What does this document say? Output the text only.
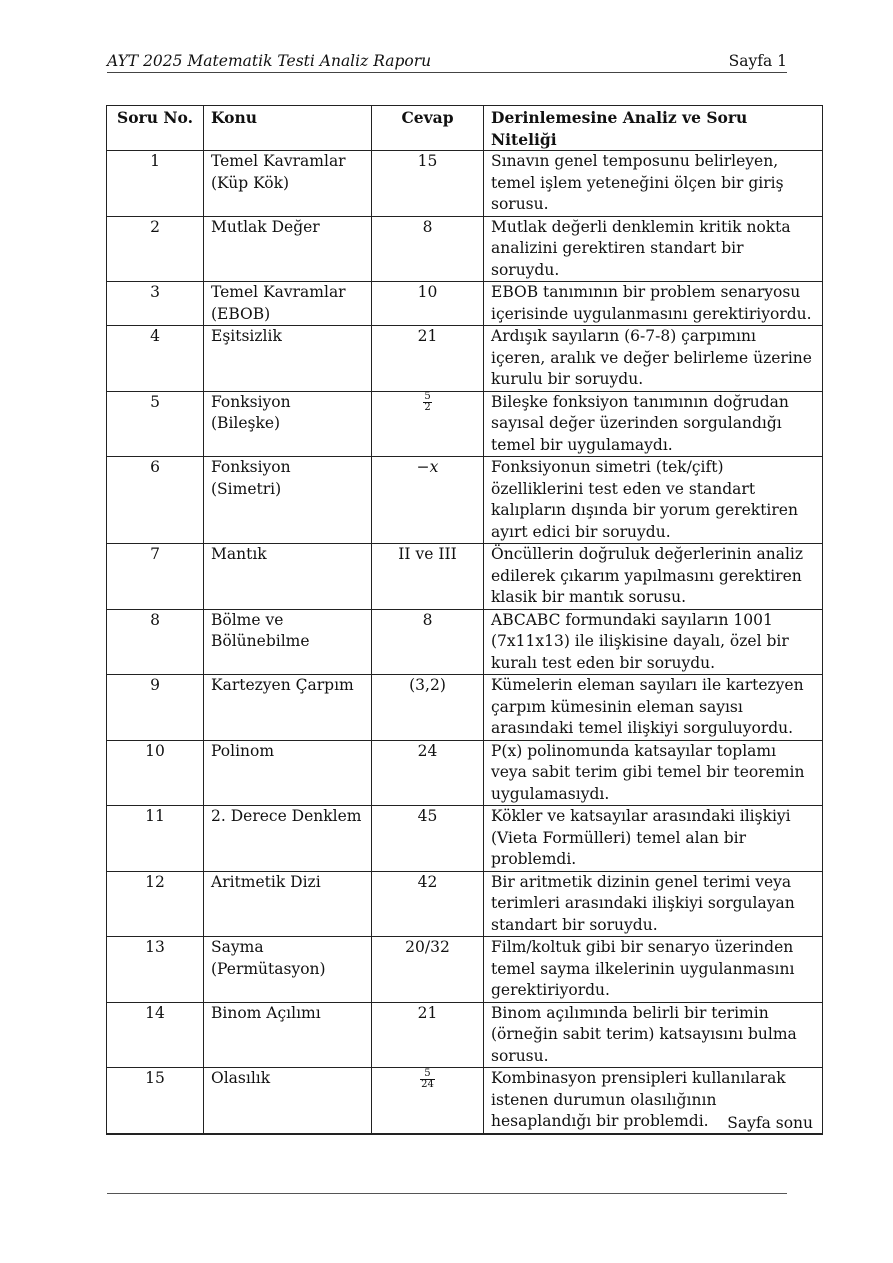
AYT 2025 Matematik Testi Analiz Raporu	Sayfa 1
Soru No.	Konu	Cevap	Derinlemesine Analiz ve Soru Niteliği
1	Temel Kavramlar (Küp Kök)	15	Sınavın genel temposunu belirleyen, temel işlem yeteneğini ölçen bir giriş sorusu.
2	Mutlak Değer	8	Mutlak değerli denklemin kritik nokta analizini gerektiren standart bir soruydu.
3	Temel Kavramlar (EBOB)	10	EBOB tanımının bir problem senaryosu içerisinde uygulanmasını gerektiriyordu.
4	Eşitsizlik	21	Ardışık sayıların (6-7-8) çarpımını içeren, aralık ve değer belirleme üzerine kurulu bir soruydu.
5	Fonksiyon (Bileşke)	$\frac{5}{2}$	Bileşke fonksiyon tanımının doğrudan sayısal değer üzerinden sorgulandığı temel bir uygulamaydı.
6	Fonksiyon (Simetri)	−x	Fonksiyonun simetri (tek/çift) özelliklerini test eden ve standart kalıpların dışında bir yorum gerektiren ayırt edici bir soruydu.
7	Mantık	II ve III	Öncüllerin doğruluk değerlerinin analiz edilerek çıkarım yapılmasını gerektiren klasik bir mantık sorusu.
8	Bölme ve Bölünebilme	8	ABCABC formundaki sayıların 1001 (7x11x13) ile ilişkisine dayalı, özel bir kuralı test eden bir soruydu.
9	Kartezyen Çarpım	(3,2)	Kümelerin eleman sayıları ile kartezyen çarpım kümesinin eleman sayısı arasındaki temel ilişkiyi sorguluyordu.
10	Polinom	24	P(x) polinomunda katsayılar toplamı veya sabit terim gibi temel bir teoremin uygulamasıydı.
11	2. Derece Denklem	45	Kökler ve katsayılar arasındaki ilişkiyi (Vieta Formülleri) temel alan bir problemdi.
12	Aritmetik Dizi	42	Bir aritmetik dizinin genel terimi veya terimleri arasındaki ilişkiyi sorgulayan standart bir soruydu.
13	Sayma (Permütasyon)	20/32	Film/koltuk gibi bir senaryo üzerinden temel sayma ilkelerinin uygulanmasını gerektiriyordu.
14	Binom Açılımı	21	Binom açılımında belirli bir terimin (örneğin sabit terim) katsayısını bulma sorusu.
15	Olasılık	$\frac{5}{24}$	Kombinasyon prensipleri kullanılarak istenen durumun olasılığının hesaplandığı bir problemdi. Sayfa sonu
